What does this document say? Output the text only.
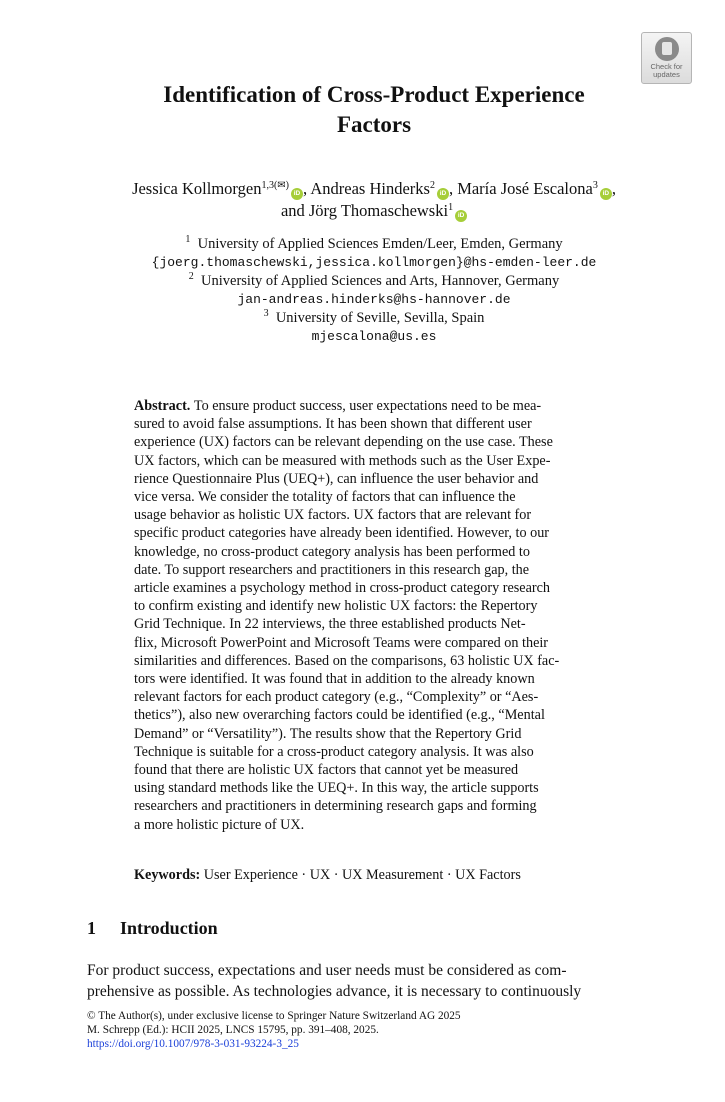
Check for
updates
Identification of Cross-Product Experience
Factors
Jessica Kollmorgen$^{1,3(✉)}$iD , Andreas Hinderks$^2$iD , María José Escalona$^3$iD ,
and Jörg Thomaschewski$^1$iD
$^1$ University of Applied Sciences Emden/Leer, Emden, Germany
{joerg.thomaschewski,jessica.kollmorgen}@hs-emden-leer.de
$^2$ University of Applied Sciences and Arts, Hannover, Germany
jan-andreas.hinderks@hs-hannover.de
$^3$ University of Seville, Sevilla, Spain
mjescalona@us.es
Abstract. To ensure product success, user expectations need to be mea-
sured to avoid false assumptions. It has been shown that different user
experience (UX) factors can be relevant depending on the use case. These
UX factors, which can be measured with methods such as the User Expe-
rience Questionnaire Plus (UEQ+), can influence the user behavior and
vice versa. We consider the totality of factors that can influence the
usage behavior as holistic UX factors. UX factors that are relevant for
specific product categories have already been identified. However, to our
knowledge, no cross-product category analysis has been performed to
date. To support researchers and practitioners in this research gap, the
article examines a psychology method in cross-product category research
to confirm existing and identify new holistic UX factors: the Repertory
Grid Technique. In 22 interviews, the three established products Net-
flix, Microsoft PowerPoint and Microsoft Teams were compared on their
similarities and differences. Based on the comparisons, 63 holistic UX fac-
tors were identified. It was found that in addition to the already known
relevant factors for each product category (e.g., “Complexity” or “Aes-
thetics”), also new overarching factors could be identified (e.g., “Mental
Demand” or “Versatility”). The results show that the Repertory Grid
Technique is suitable for a cross-product category analysis. It was also
found that there are holistic UX factors that cannot yet be measured
using standard methods like the UEQ+. In this way, the article supports
researchers and practitioners in determining research gaps and forming
a more holistic picture of UX.
Keywords: User Experience · UX · UX Measurement · UX Factors
1 Introduction
For product success, expectations and user needs must be considered as com-
prehensive as possible. As technologies advance, it is necessary to continuously
© The Author(s), under exclusive license to Springer Nature Switzerland AG 2025
M. Schrepp (Ed.): HCII 2025, LNCS 15795, pp. 391–408, 2025.
https://doi.org/10.1007/978-3-031-93224-3_25
